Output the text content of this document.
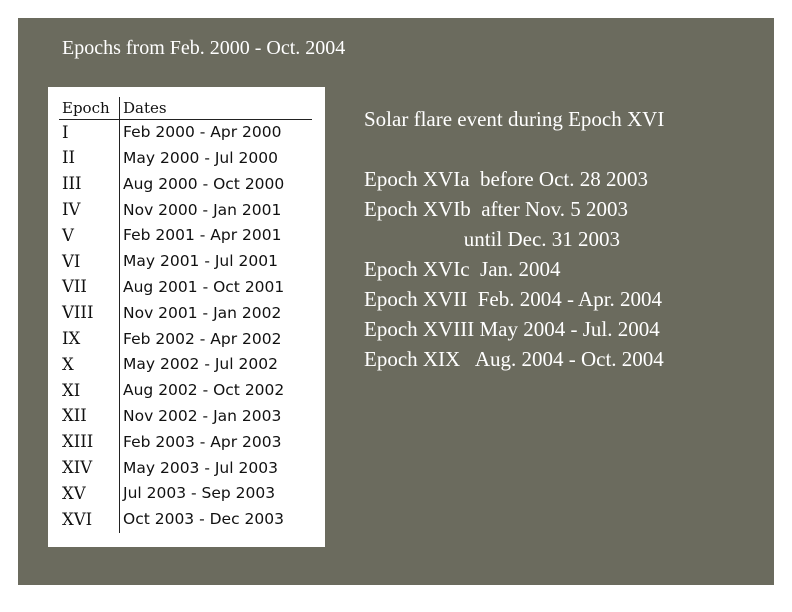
Epochs from Feb. 2000 - Oct. 2004
Epoch	Dates
I	Feb 2000 - Apr 2000
II	May 2000 - Jul 2000
III	Aug 2000 - Oct 2000
IV	Nov 2000 - Jan 2001
V	Feb 2001 - Apr 2001
VI	May 2001 - Jul 2001
VII	Aug 2001 - Oct 2001
VIII	Nov 2001 - Jan 2002
IX	Feb 2002 - Apr 2002
X	May 2002 - Jul 2002
XI	Aug 2002 - Oct 2002
XII	Nov 2002 - Jan 2003
XIII	Feb 2003 - Apr 2003
XIV	May 2003 - Jul 2003
XV	Jul 2003 - Sep 2003
XVI	Oct 2003 - Dec 2003
Solar flare event during Epoch XVI
Epoch XVIa  before Oct. 28 2003
Epoch XVIb  after Nov. 5 2003
until Dec. 31 2003
Epoch XVIc  Jan. 2004
Epoch XVII  Feb. 2004 - Apr. 2004
Epoch XVIII May 2004 - Jul. 2004
Epoch XIX   Aug. 2004 - Oct. 2004
